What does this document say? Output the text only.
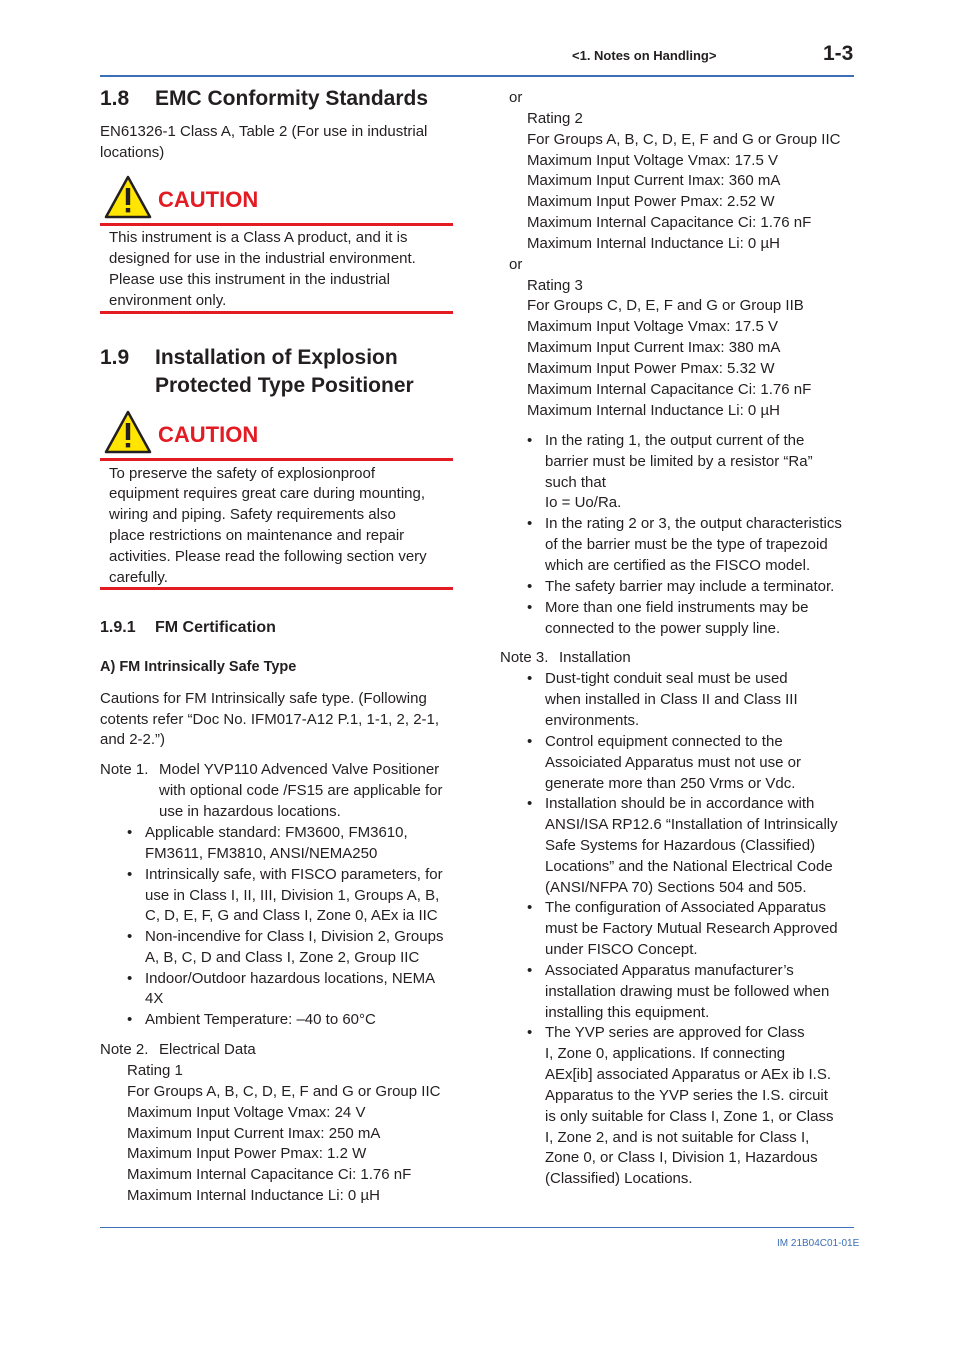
<1. Notes on Handling>	1-3
1.8 EMC Conformity Standards
EN61326-1 Class A, Table 2 (For use in industrial
locations)
CAUTION
This instrument is a Class A product, and it is
designed for use in the industrial environment.
Please use this instrument in the industrial
environment only.
1.9 Installation of Explosion
Protected Type Positioner
CAUTION
To preserve the safety of explosionproof
equipment requires great care during mounting,
wiring and piping. Safety requirements also
place restrictions on maintenance and repair
activities. Please read the following section very
carefully.
1.9.1 FM Certification
A) FM Intrinsically Safe Type
Cautions for FM Intrinsically safe type. (Following
cotents refer “Doc No. IFM017-A12 P.1, 1-1, 2, 2-1,
and 2-2.”)
Note 1. Model YVP110 Advenced Valve Positioner
with optional code /FS15 are applicable for
use in hazardous locations.
• Applicable standard: FM3600, FM3610,
FM3611, FM3810, ANSI/NEMA250
• Intrinsically safe, with FISCO parameters, for
use in Class I, II, III, Division 1, Groups A, B,
C, D, E, F, G and Class I, Zone 0, AEx ia IIC
• Non-incendive for Class I, Division 2, Groups
A, B, C, D and Class I, Zone 2, Group IIC
• Indoor/Outdoor hazardous locations, NEMA
4X
• Ambient Temperature: –40 to 60°C
Note 2. Electrical Data
Rating 1
For Groups A, B, C, D, E, F and G or Group IIC
Maximum Input Voltage Vmax: 24 V
Maximum Input Current Imax: 250 mA
Maximum Input Power Pmax: 1.2 W
Maximum Internal Capacitance Ci: 1.76 nF
Maximum Internal Inductance Li: 0 µH
or
Rating 2
For Groups A, B, C, D, E, F and G or Group IIC
Maximum Input Voltage Vmax: 17.5 V
Maximum Input Current Imax: 360 mA
Maximum Input Power Pmax: 2.52 W
Maximum Internal Capacitance Ci: 1.76 nF
Maximum Internal Inductance Li: 0 µH
or
Rating 3
For Groups C, D, E, F and G or Group IIB
Maximum Input Voltage Vmax: 17.5 V
Maximum Input Current Imax: 380 mA
Maximum Input Power Pmax: 5.32 W
Maximum Internal Capacitance Ci: 1.76 nF
Maximum Internal Inductance Li: 0 µH
• In the rating 1, the output current of the
barrier must be limited by a resistor “Ra”
such that
Io = Uo/Ra.
• In the rating 2 or 3, the output characteristics
of the barrier must be the type of trapezoid
which are certified as the FISCO model.
• The safety barrier may include a terminator.
• More than one field instruments may be
connected to the power supply line.
Note 3. Installation
• Dust-tight conduit seal must be used
when installed in Class II and Class III
environments.
• Control equipment connected to the
Assoiciated Apparatus must not use or
generate more than 250 Vrms or Vdc.
• Installation should be in accordance with
ANSI/ISA RP12.6 “Installation of Intrinsically
Safe Systems for Hazardous (Classified)
Locations” and the National Electrical Code
(ANSI/NFPA 70) Sections 504 and 505.
• The configuration of Associated Apparatus
must be Factory Mutual Research Approved
under FISCO Concept.
• Associated Apparatus manufacturer’s
installation drawing must be followed when
installing this equipment.
• The YVP series are approved for Class
I, Zone 0, applications. If connecting
AEx[ib] associated Apparatus or AEx ib I.S.
Apparatus to the YVP series the I.S. circuit
is only suitable for Class I, Zone 1, or Class
I, Zone 2, and is not suitable for Class I,
Zone 0, or Class I, Division 1, Hazardous
(Classified) Locations.
IM 21B04C01-01E
